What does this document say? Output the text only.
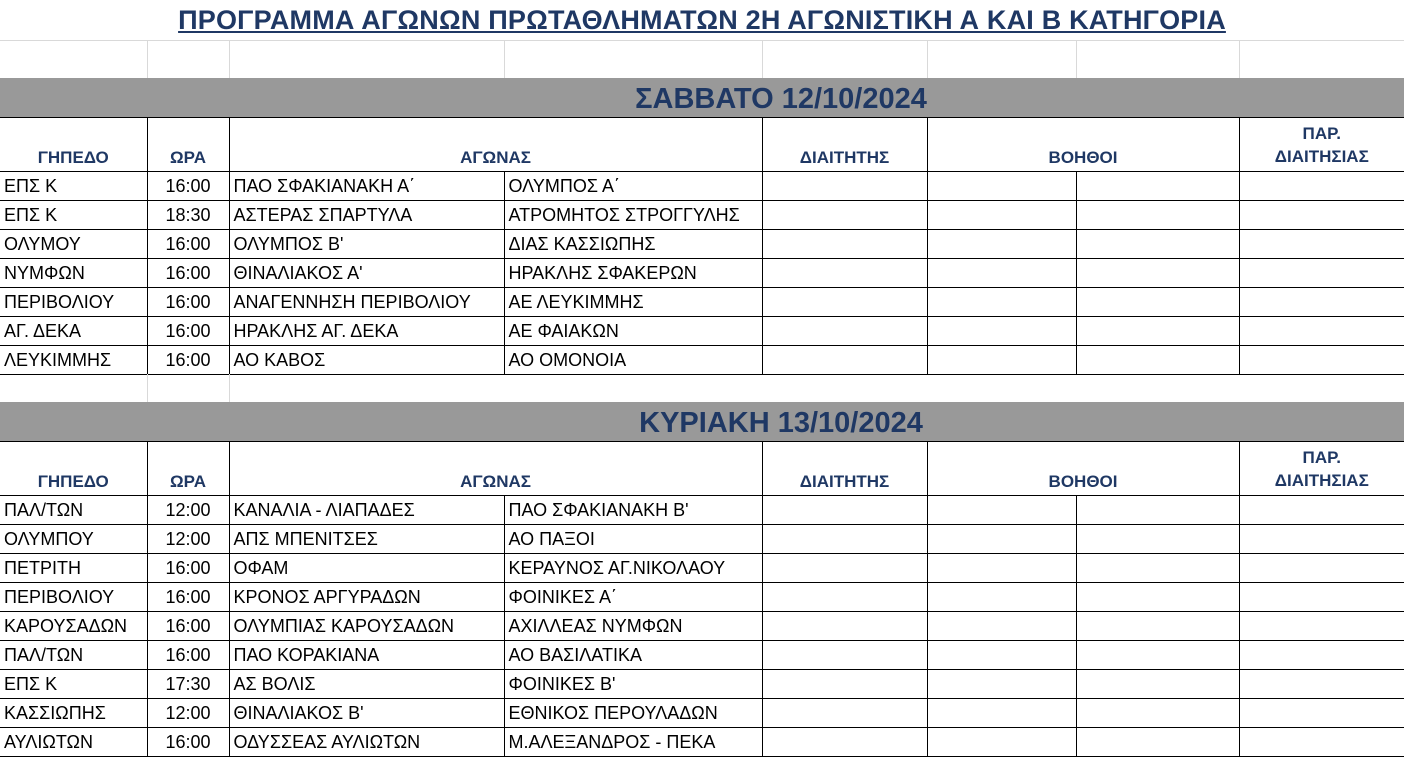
ΠΡΟΓΡΑΜΜΑ ΑΓΩΝΩΝ ΠΡΩΤΑΘΛΗΜΑΤΩΝ 2Η ΑΓΩΝΙΣΤΙΚΗ Α ΚΑΙ Β ΚΑΤΗΓΟΡΙΑ
ΣΑΒΒΑΤΟ 12/10/2024
ΓΗΠΕΔΟ	ΩΡΑ	ΑΓΩΝΑΣ		ΔΙΑΙΤΗΤΗΣ	ΒΟΗΘΟΙ		ΠΑΡ.
ΔΙΑΙΤΗΣΙΑΣ

ΕΠΣ Κ	16:00	ΠΑΟ ΣΦΑΚΙΑΝΑΚΗ Α΄	ΟΛΥΜΠΟΣ Α΄				
ΕΠΣ Κ	18:30	ΑΣΤΕΡΑΣ ΣΠΑΡΤΥΛΑ	ΑΤΡΟΜΗΤΟΣ ΣΤΡΟΓΓΥΛΗΣ				
ΟΛΥΜΟΥ	16:00	ΟΛΥΜΠΟΣ Β'	ΔΙΑΣ ΚΑΣΣΙΩΠΗΣ				
ΝΥΜΦΩΝ	16:00	ΘΙΝΑΛΙΑΚΟΣ Α'	ΗΡΑΚΛΗΣ ΣΦΑΚΕΡΩΝ				
ΠΕΡΙΒΟΛΙΟΥ	16:00	ΑΝΑΓΕΝΝΗΣΗ ΠΕΡΙΒΟΛΙΟΥ	ΑΕ ΛΕΥΚΙΜΜΗΣ				
ΑΓ. ΔΕΚΑ	16:00	ΗΡΑΚΛΗΣ ΑΓ. ΔΕΚΑ	ΑΕ ΦΑΙΑΚΩΝ				
ΛΕΥΚΙΜΜΗΣ	16:00	ΑΟ ΚΑΒΟΣ	ΑΟ ΟΜΟΝΟΙΑ				
ΚΥΡΙΑΚΗ 13/10/2024
ΓΗΠΕΔΟ	ΩΡΑ	ΑΓΩΝΑΣ		ΔΙΑΙΤΗΤΗΣ	ΒΟΗΘΟΙ		ΠΑΡ.
ΔΙΑΙΤΗΣΙΑΣ

ΠΑΛ/ΤΩΝ	12:00	ΚΑΝΑΛΙΑ - ΛΙΑΠΑΔΕΣ	ΠΑΟ ΣΦΑΚΙΑΝΑΚΗ Β'				
ΟΛΥΜΠΟΥ	12:00	ΑΠΣ ΜΠΕΝΙΤΣΕΣ	ΑΟ ΠΑΞΟΙ				
ΠΕΤΡΙΤΗ	16:00	ΟΦΑΜ	ΚΕΡΑΥΝΟΣ ΑΓ.ΝΙΚΟΛΑΟΥ				
ΠΕΡΙΒΟΛΙΟΥ	16:00	ΚΡΟΝΟΣ ΑΡΓΥΡΑΔΩΝ	ΦΟΙΝΙΚΕΣ Α΄				
ΚΑΡΟΥΣΑΔΩΝ	16:00	ΟΛΥΜΠΙΑΣ ΚΑΡΟΥΣΑΔΩΝ	ΑΧΙΛΛΕΑΣ ΝΥΜΦΩΝ				
ΠΑΛ/ΤΩΝ	16:00	ΠΑΟ ΚΟΡΑΚΙΑΝΑ	ΑΟ ΒΑΣΙΛΑΤΙΚΑ				
ΕΠΣ Κ	17:30	ΑΣ ΒΟΛΙΣ	ΦΟΙΝΙΚΕΣ Β'				
ΚΑΣΣΙΩΠΗΣ	12:00	ΘΙΝΑΛΙΑΚΟΣ Β'	ΕΘΝΙΚΟΣ ΠΕΡΟΥΛΑΔΩΝ				
ΑΥΛΙΩΤΩΝ	16:00	ΟΔΥΣΣΕΑΣ ΑΥΛΙΩΤΩΝ	Μ.ΑΛΕΞΑΝΔΡΟΣ - ΠΕΚΑ				
